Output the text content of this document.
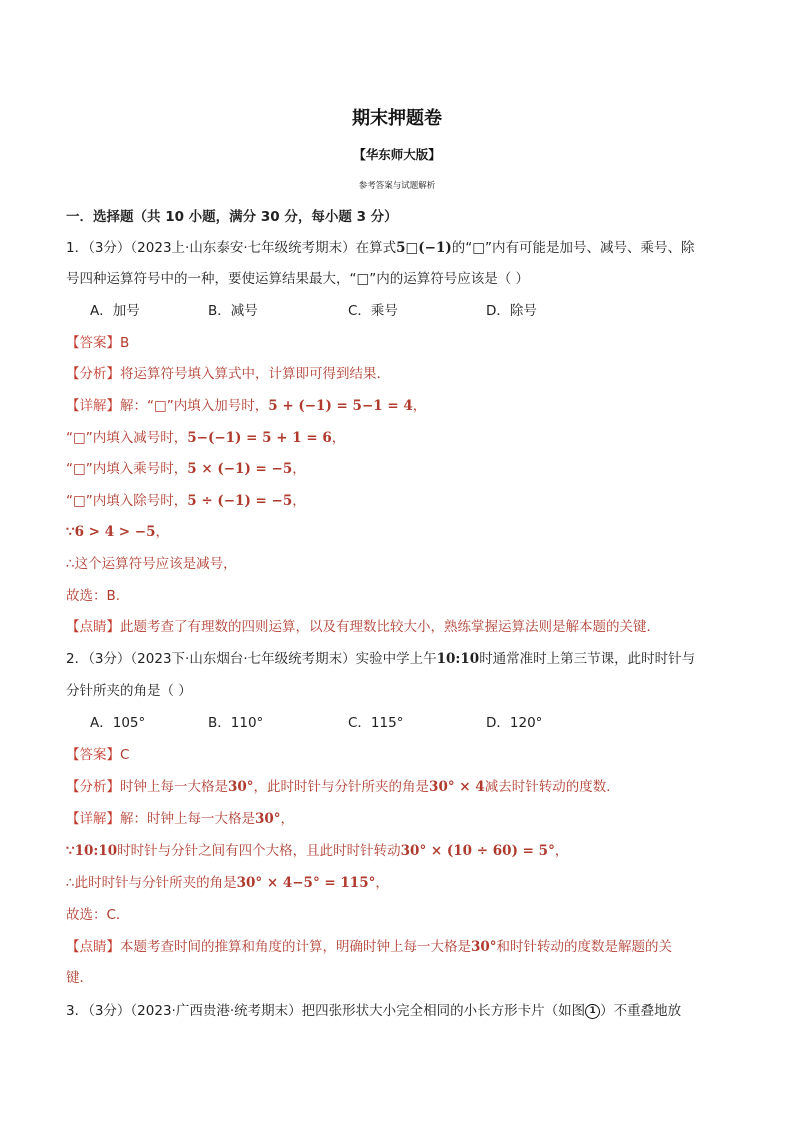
期末押题卷
【华东师大版】
参考答案与试题解析
一．选择题（共 10 小题，满分 30 分，每小题 3 分）
1．（3分）（2023上·山东泰安·七年级统考期末）在算式5□(−1)的“□”内有可能是加号、减号、乘号、除
号四种运算符号中的一种，要使运算结果最大，“□”内的运算符号应该是（ ）
A．加号	B．减号	C．乘号	D．除号
【答案】B
【分析】将运算符号填入算式中，计算即可得到结果．
【详解】解：“□”内填入加号时，5 + (−1) = 5−1 = 4，
“□”内填入减号时，5−(−1) = 5 + 1 = 6，
“□”内填入乘号时，5 × (−1) = −5，
“□”内填入除号时，5 ÷ (−1) = −5，
∵6 > 4 > −5，
∴这个运算符号应该是减号，
故选：B.
【点睛】此题考查了有理数的四则运算，以及有理数比较大小，熟练掌握运算法则是解本题的关键．
2．（3分）（2023下·山东烟台·七年级统考期末）实验中学上午10:10时通常准时上第三节课，此时时针与
分针所夹的角是（ ）
A．105°	B．110°	C．115°	D．120°
【答案】C
【分析】时钟上每一大格是30°，此时时针与分针所夹的角是30° × 4减去时针转动的度数．
【详解】解：时钟上每一大格是30°，
∵10:10时时针与分针之间有四个大格，且此时时针转动30° × (10 ÷ 60) = 5°，
∴此时时针与分针所夹的角是30° × 4−5° = 115°，
故选：C．
【点睛】本题考查时间的推算和角度的计算，明确时钟上每一大格是30°和时针转动的度数是解题的关
键．
3．（3分）（2023·广西贵港·统考期末）把四张形状大小完全相同的小长方形卡片（如图 1 ）不重叠地放
